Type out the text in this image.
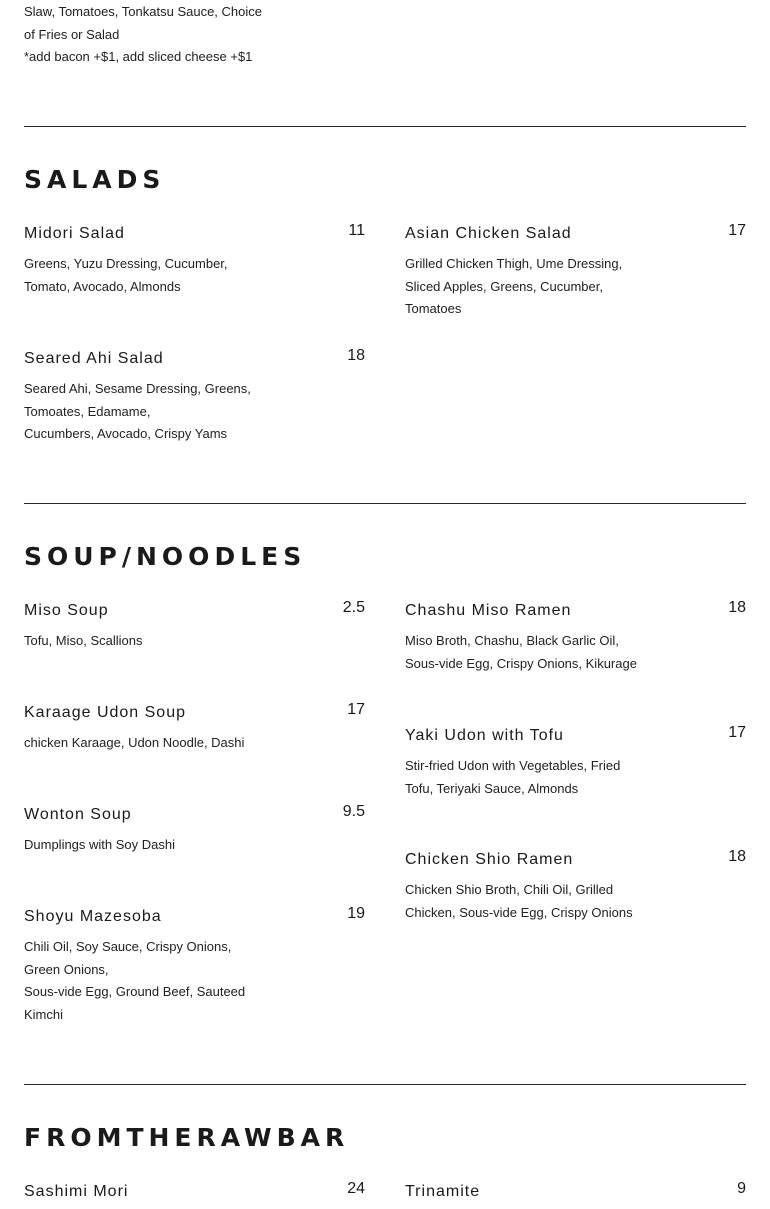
Slaw, Tomatoes, Tonkatsu Sauce, Choice
of Fries or Salad
*add bacon +$1, add sliced cheese +$1
SALADS
Midori Salad	11
Greens, Yuzu Dressing, Cucumber,
Tomato, Avocado, Almonds
Asian Chicken Salad	17
Grilled Chicken Thigh, Ume Dressing,
Sliced Apples, Greens, Cucumber,
Tomatoes
Seared Ahi Salad	18
Seared Ahi, Sesame Dressing, Greens,
Tomoates, Edamame,
Cucumbers, Avocado, Crispy Yams
SOUP/NOODLES
Miso Soup	2.5
Tofu, Miso, Scallions
Karaage Udon Soup	17
chicken Karaage, Udon Noodle, Dashi
Wonton Soup	9.5
Dumplings with Soy Dashi
Shoyu Mazesoba	19
Chili Oil, Soy Sauce, Crispy Onions,
Green Onions,
Sous-vide Egg, Ground Beef, Sauteed
Kimchi
Chashu Miso Ramen	18
Miso Broth, Chashu, Black Garlic Oil,
Sous-vide Egg, Crispy Onions, Kikurage
Yaki Udon with Tofu	17
Stir-fried Udon with Vegetables, Fried
Tofu, Teriyaki Sauce, Almonds
Chicken Shio Ramen	18
Chicken Shio Broth, Chili Oil, Grilled
Chicken, Sous-vide Egg, Crispy Onions
FROMTHERAWBAR
Sashimi Mori	24	Trinamite	9
